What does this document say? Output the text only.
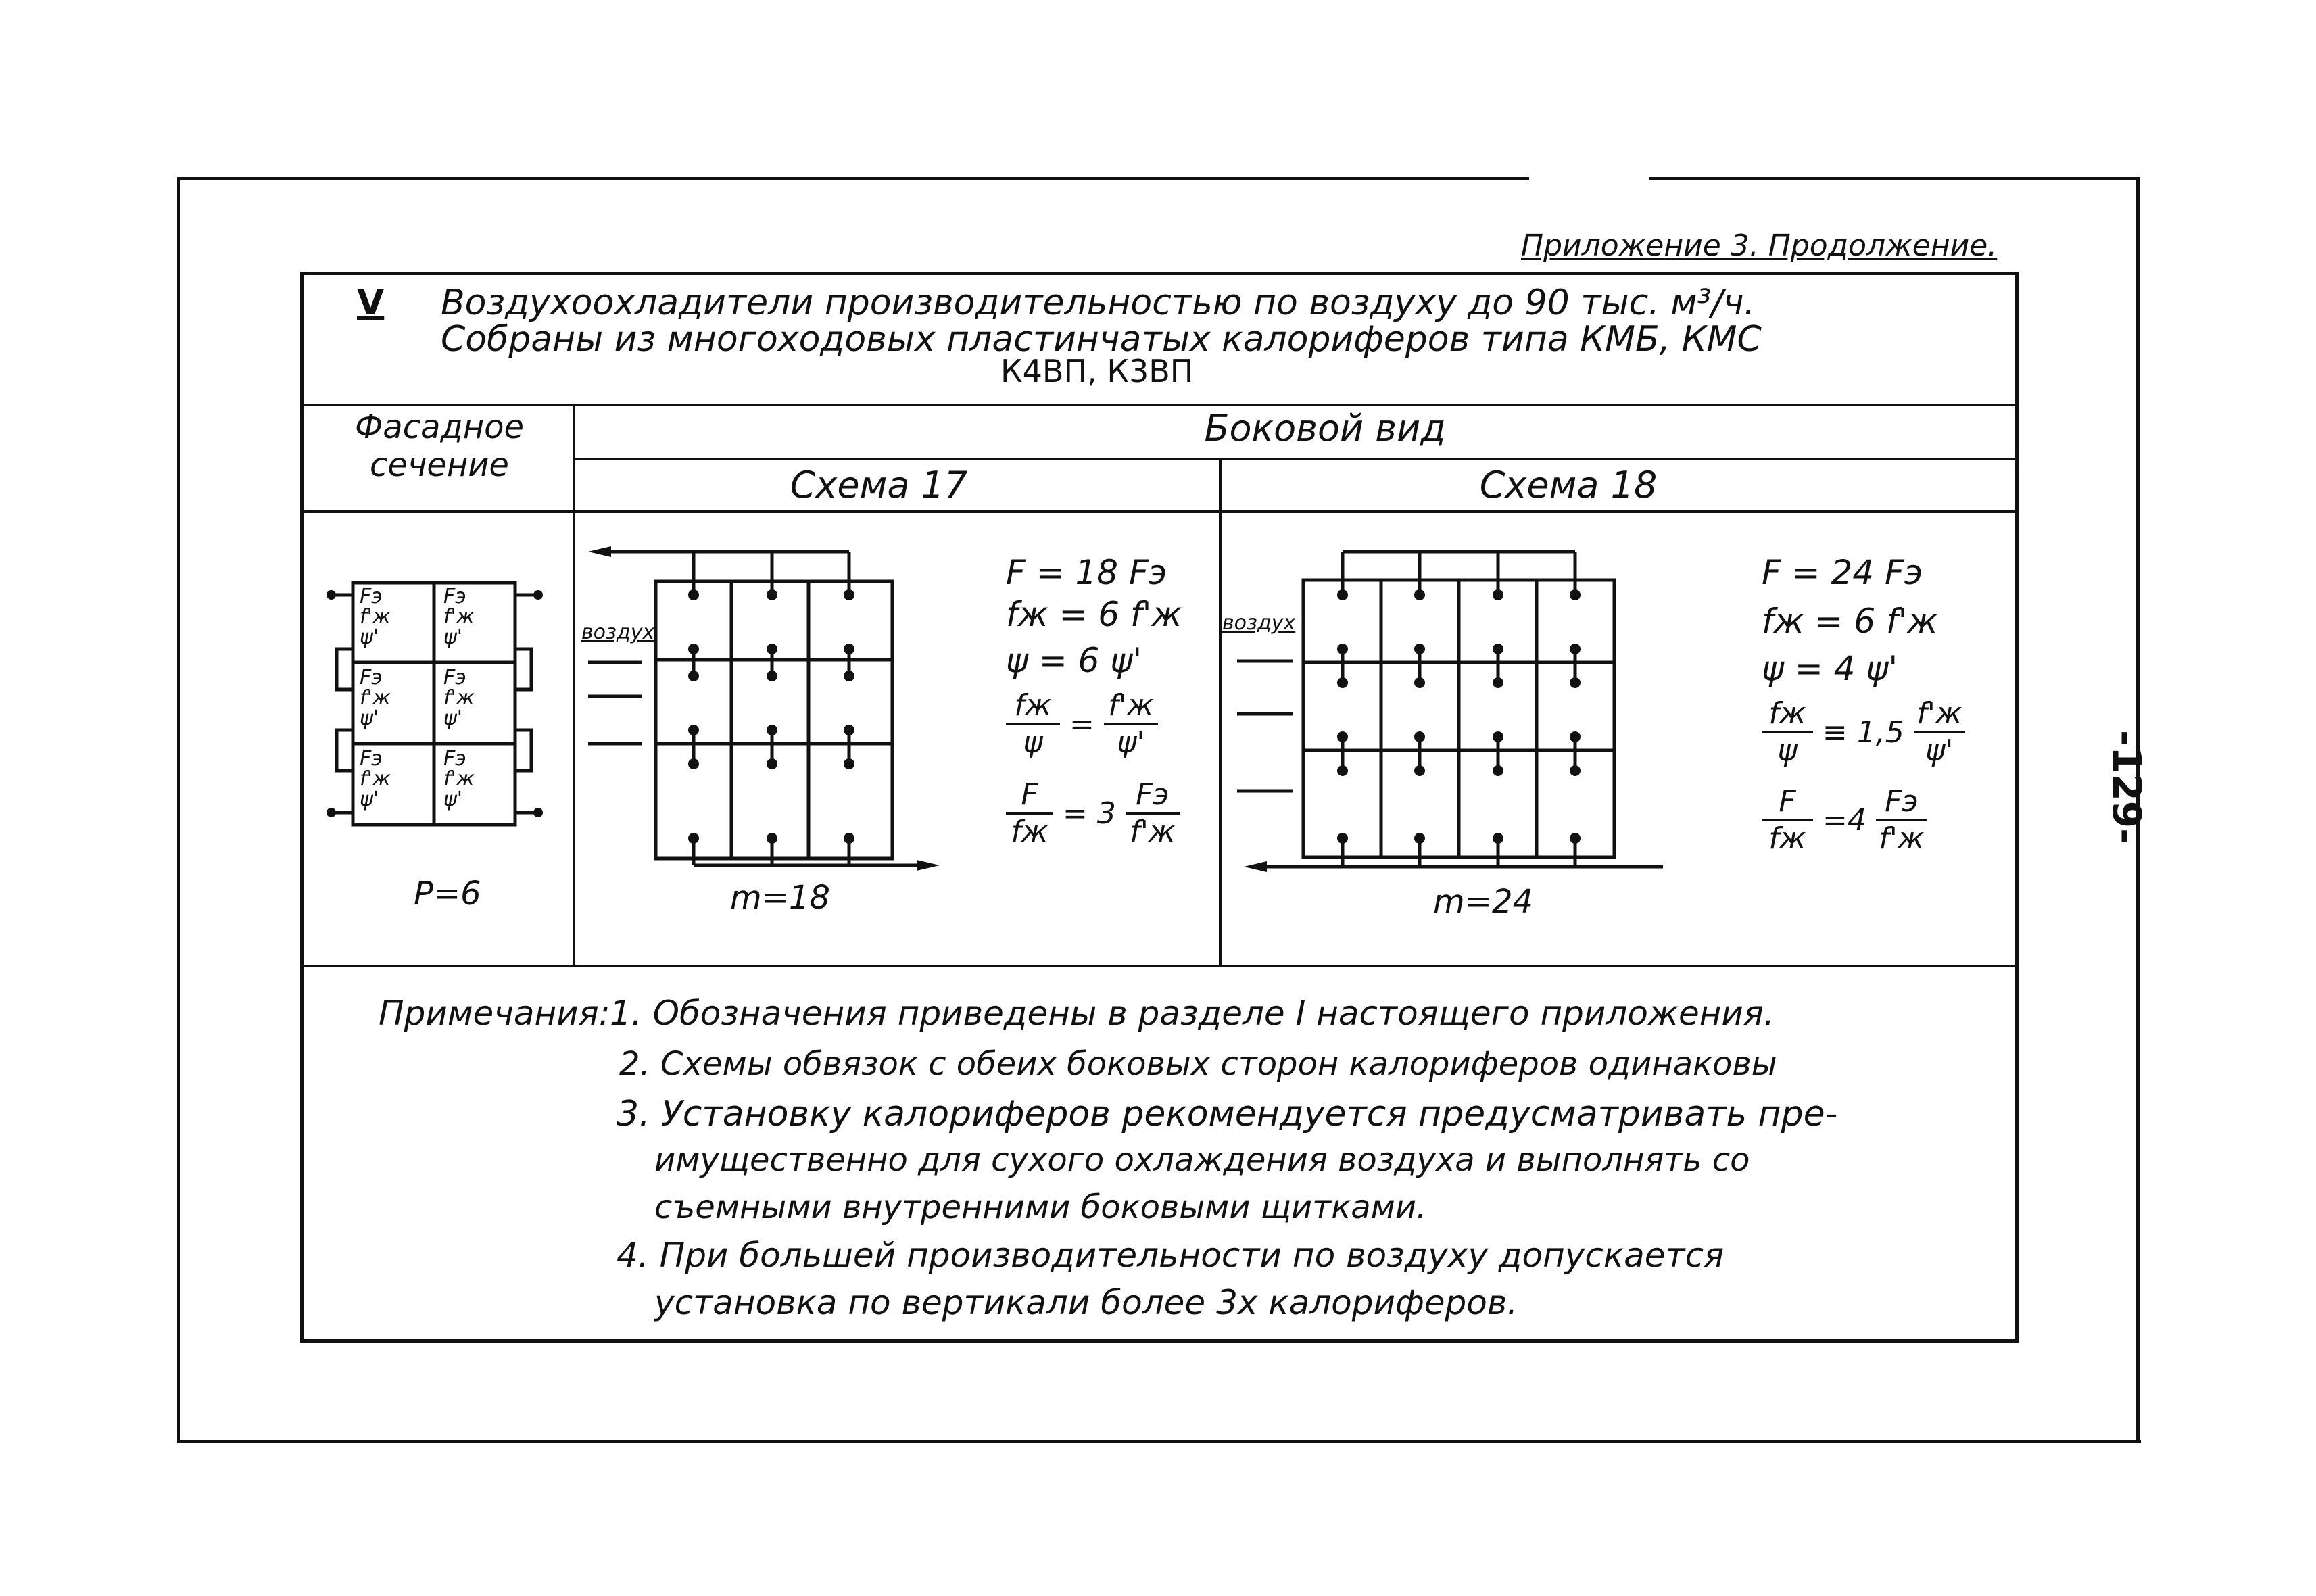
Приложение 3. Продолжение.
-129-
V Воздухоохладители производительностью по воздуху до 90 тыс. м³/ч.
Собраны из многоходовых пластинчатых калориферов типа КМБ, КМС
К4ВП, К3ВП
Фасадное сечение
Боковой вид
Схема 17	Схема 18
Fэ
f'ж
ψ'
Fэ
f'ж
ψ'
Fэ
f'ж
ψ'
Fэ
f'ж
ψ'
Fэ
f'ж
ψ'
Fэ
f'ж
ψ'
P=6
воздух
m=18
F = 18 Fэ
fж = 6 f'ж
ψ = 6 ψ'
fж
ψ
=
f'ж
ψ'
F
fж
= 3
Fэ
f'ж
воздух
m=24
F = 24 Fэ
fж = 6 f'ж
ψ = 4 ψ'
fж
ψ
≡ 1,5
f'ж
ψ'
F
fж
=4
Fэ
f'ж
Примечания: 1. Обозначения приведены в разделе I настоящего приложения.
2. Схемы обвязок с обеих боковых сторон калориферов одинаковы
3. Установку калориферов рекомендуется предусматривать пре-
имущественно для сухого охлаждения воздуха и выполнять со
съемными внутренними боковыми щитками.
4. При большей производительности по воздуху допускается
установка по вертикали более 3х калориферов.
